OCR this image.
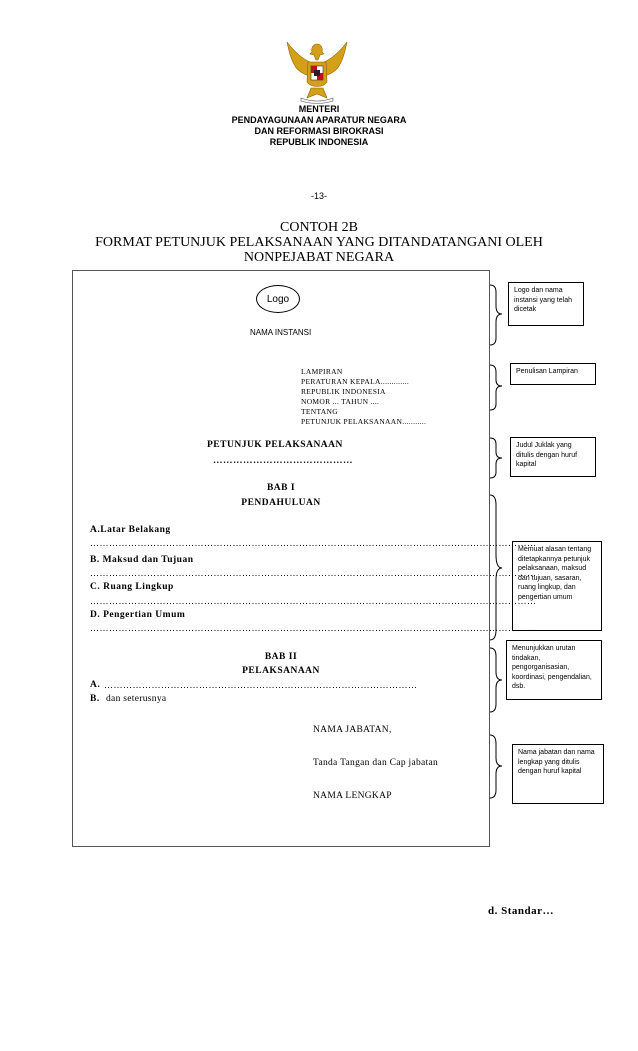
MENTERI
PENDAYAGUNAAN APARATUR NEGARA
DAN REFORMASI BIROKRASI
REPUBLIK INDONESIA
-13-
CONTOH 2B
FORMAT PETUNJUK PELAKSANAAN YANG DITANDATANGANI OLEH
NONPEJABAT NEGARA
Logo
NAMA INSTANSI
LAMPIRAN
PERATURAN KEPALA.............
REPUBLIK INDONESIA
NOMOR ... TAHUN ....
TENTANG
PETUNJUK PELAKSANAAN...........
PETUNJUK PELAKSANAAN
……………………………………
BAB I
PENDAHULUAN
A.Latar Belakang
……………………………………………………………………………………………………………………………
B. Maksud dan Tujuan
……………………………………………………………………………………………………………………………
C. Ruang Lingkup
……………………………………………………………………………………………………………………………
D. Pengertian Umum
……………………………………………………………………………………………………………………………
BAB II
PELAKSANAAN
A. ………………………………………………………………………………………
B. dan seterusnya
NAMA JABATAN,
Tanda Tangan dan Cap jabatan
NAMA LENGKAP
Logo dan nama instansi yang telah dicetak
Penulisan Lampiran
Judul Juklak yang ditulis dengan huruf kapital
Memuat alasan tentang ditetapkannya petunjuk pelaksanaan, maksud dan tujuan, sasaran, ruang lingkup, dan pengertian umum
Menunjukkan urutan tindakan, pengorganisasian, koordinasi, pengendalian, dsb.
Nama jabatan dan nama lengkap yang ditulis dengan huruf kapital
d. Standar…
